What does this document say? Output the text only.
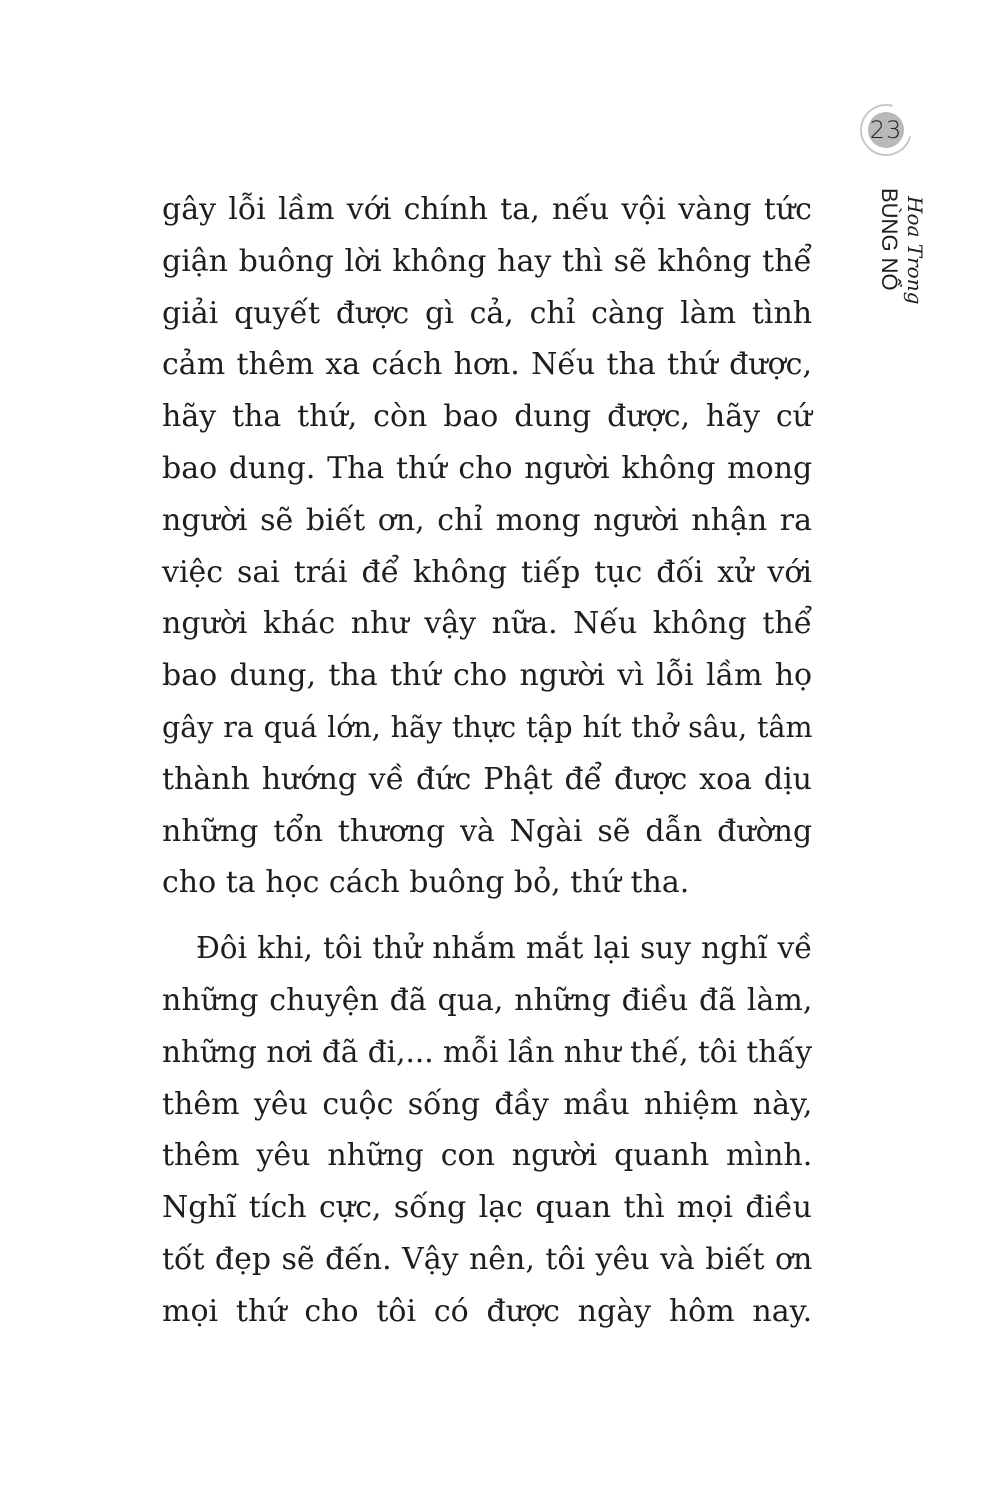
23
Hoa Trong
BÙNG NỔ
gây lỗi lầm với chính ta, nếu vội vàng tức
giận buông lời không hay thì sẽ không thể
giải quyết được gì cả, chỉ càng làm tình
cảm thêm xa cách hơn. Nếu tha thứ được,
hãy tha thứ, còn bao dung được, hãy cứ
bao dung. Tha thứ cho người không mong
người sẽ biết ơn, chỉ mong người nhận ra
việc sai trái để không tiếp tục đối xử với
người khác như vậy nữa. Nếu không thể
bao dung, tha thứ cho người vì lỗi lầm họ
gây ra quá lớn, hãy thực tập hít thở sâu, tâm
thành hướng về đức Phật để được xoa dịu
những tổn thương và Ngài sẽ dẫn đường
cho ta học cách buông bỏ, thứ tha.
Đôi khi, tôi thử nhắm mắt lại suy nghĩ về
những chuyện đã qua, những điều đã làm,
những nơi đã đi,... mỗi lần như thế, tôi thấy
thêm yêu cuộc sống đầy mầu nhiệm này,
thêm yêu những con người quanh mình.
Nghĩ tích cực, sống lạc quan thì mọi điều
tốt đẹp sẽ đến. Vậy nên, tôi yêu và biết ơn
mọi thứ cho tôi có được ngày hôm nay.
